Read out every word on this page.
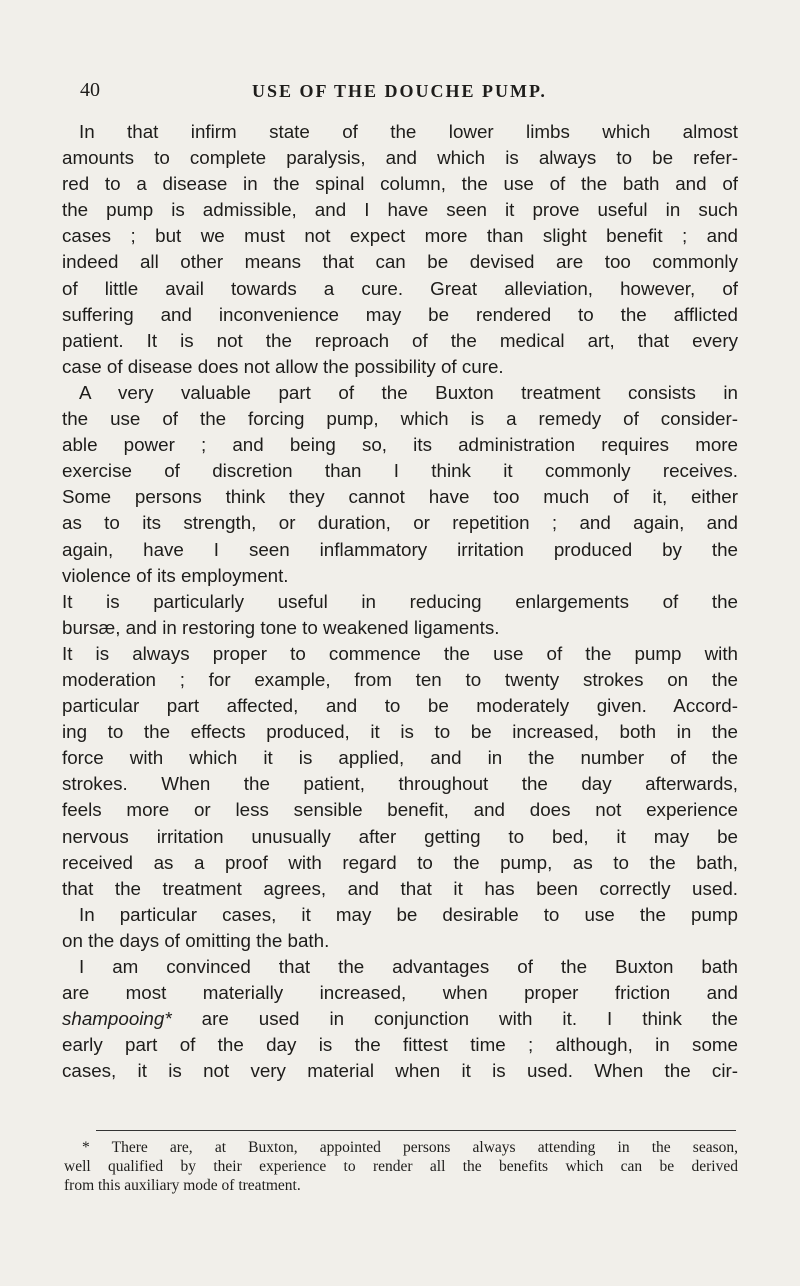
40	USE OF THE DOUCHE PUMP.
In that infirm state of the lower limbs which almost
amounts to complete paralysis, and which is always to be refer-
red to a disease in the spinal column, the use of the bath and of
the pump is admissible, and I have seen it prove useful in such
cases ; but we must not expect more than slight benefit ; and
indeed all other means that can be devised are too commonly
of little avail towards a cure. Great alleviation, however, of
suffering and inconvenience may be rendered to the afflicted
patient. It is not the reproach of the medical art, that every
case of disease does not allow the possibility of cure.
A very valuable part of the Buxton treatment consists in
the use of the forcing pump, which is a remedy of consider-
able power ; and being so, its administration requires more
exercise of discretion than I think it commonly receives.
Some persons think they cannot have too much of it, either
as to its strength, or duration, or repetition ; and again, and
again, have I seen inflammatory irritation produced by the
violence of its employment.
It is particularly useful in reducing enlargements of the
bursæ, and in restoring tone to weakened ligaments.
It is always proper to commence the use of the pump with
moderation ; for example, from ten to twenty strokes on the
particular part affected, and to be moderately given. Accord-
ing to the effects produced, it is to be increased, both in the
force with which it is applied, and in the number of the
strokes. When the patient, throughout the day afterwards,
feels more or less sensible benefit, and does not experience
nervous irritation unusually after getting to bed, it may be
received as a proof with regard to the pump, as to the bath,
that the treatment agrees, and that it has been correctly used.
In particular cases, it may be desirable to use the pump
on the days of omitting the bath.
I am convinced that the advantages of the Buxton bath
are most materially increased, when proper friction and
shampooing* are used in conjunction with it. I think the
early part of the day is the fittest time ; although, in some
cases, it is not very material when it is used. When the cir-
* There are, at Buxton, appointed persons always attending in the season,
well qualified by their experience to render all the benefits which can be derived
from this auxiliary mode of treatment.
